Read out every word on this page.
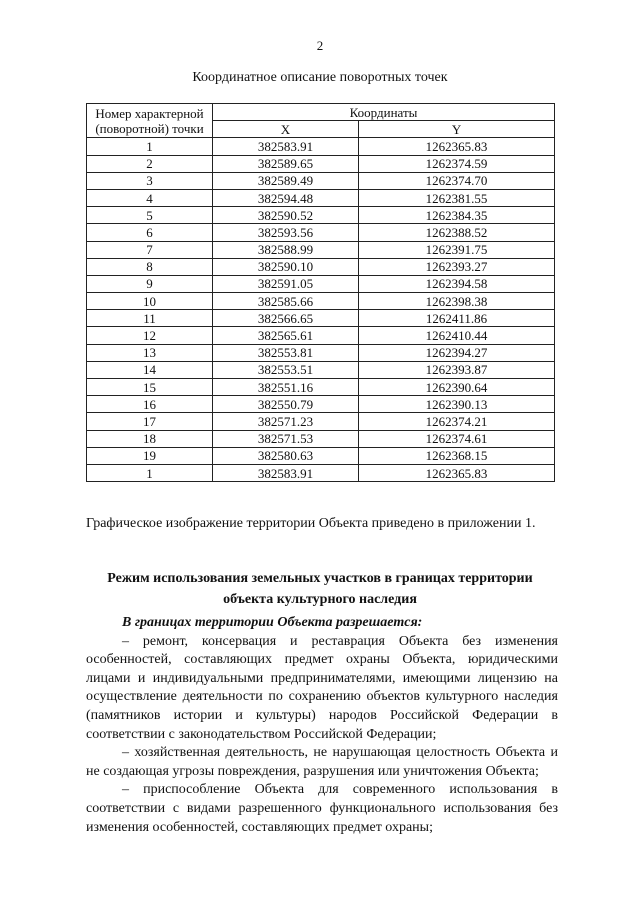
2
Координатное описание поворотных точек
Номер характерной (поворотной) точки	Координаты	
	X	Y
1	382583.91	1262365.83
2	382589.65	1262374.59
3	382589.49	1262374.70
4	382594.48	1262381.55
5	382590.52	1262384.35
6	382593.56	1262388.52
7	382588.99	1262391.75
8	382590.10	1262393.27
9	382591.05	1262394.58
10	382585.66	1262398.38
11	382566.65	1262411.86
12	382565.61	1262410.44
13	382553.81	1262394.27
14	382553.51	1262393.87
15	382551.16	1262390.64
16	382550.79	1262390.13
17	382571.23	1262374.21
18	382571.53	1262374.61
19	382580.63	1262368.15
1	382583.91	1262365.83
Графическое изображение территории Объекта приведено в приложении 1.
Режим использования земельных участков в границах территории
объекта культурного наследия

В границах территории Объекта разрешается:

– ремонт, консервация и реставрация Объекта без изменения особенностей, составляющих предмет охраны Объекта, юридическими лицами и индивидуальными предпринимателями, имеющими лицензию на осуществление деятельности по сохранению объектов культурного наследия (памятников истории и культуры) народов Российской Федерации в соответствии с законодательством Российской Федерации;

– хозяйственная деятельность, не нарушающая целостность Объекта и не создающая угрозы повреждения, разрушения или уничтожения Объекта;

– приспособление Объекта для современного использования в соответствии с видами разрешенного функционального использования без изменения особенностей, составляющих предмет охраны;
